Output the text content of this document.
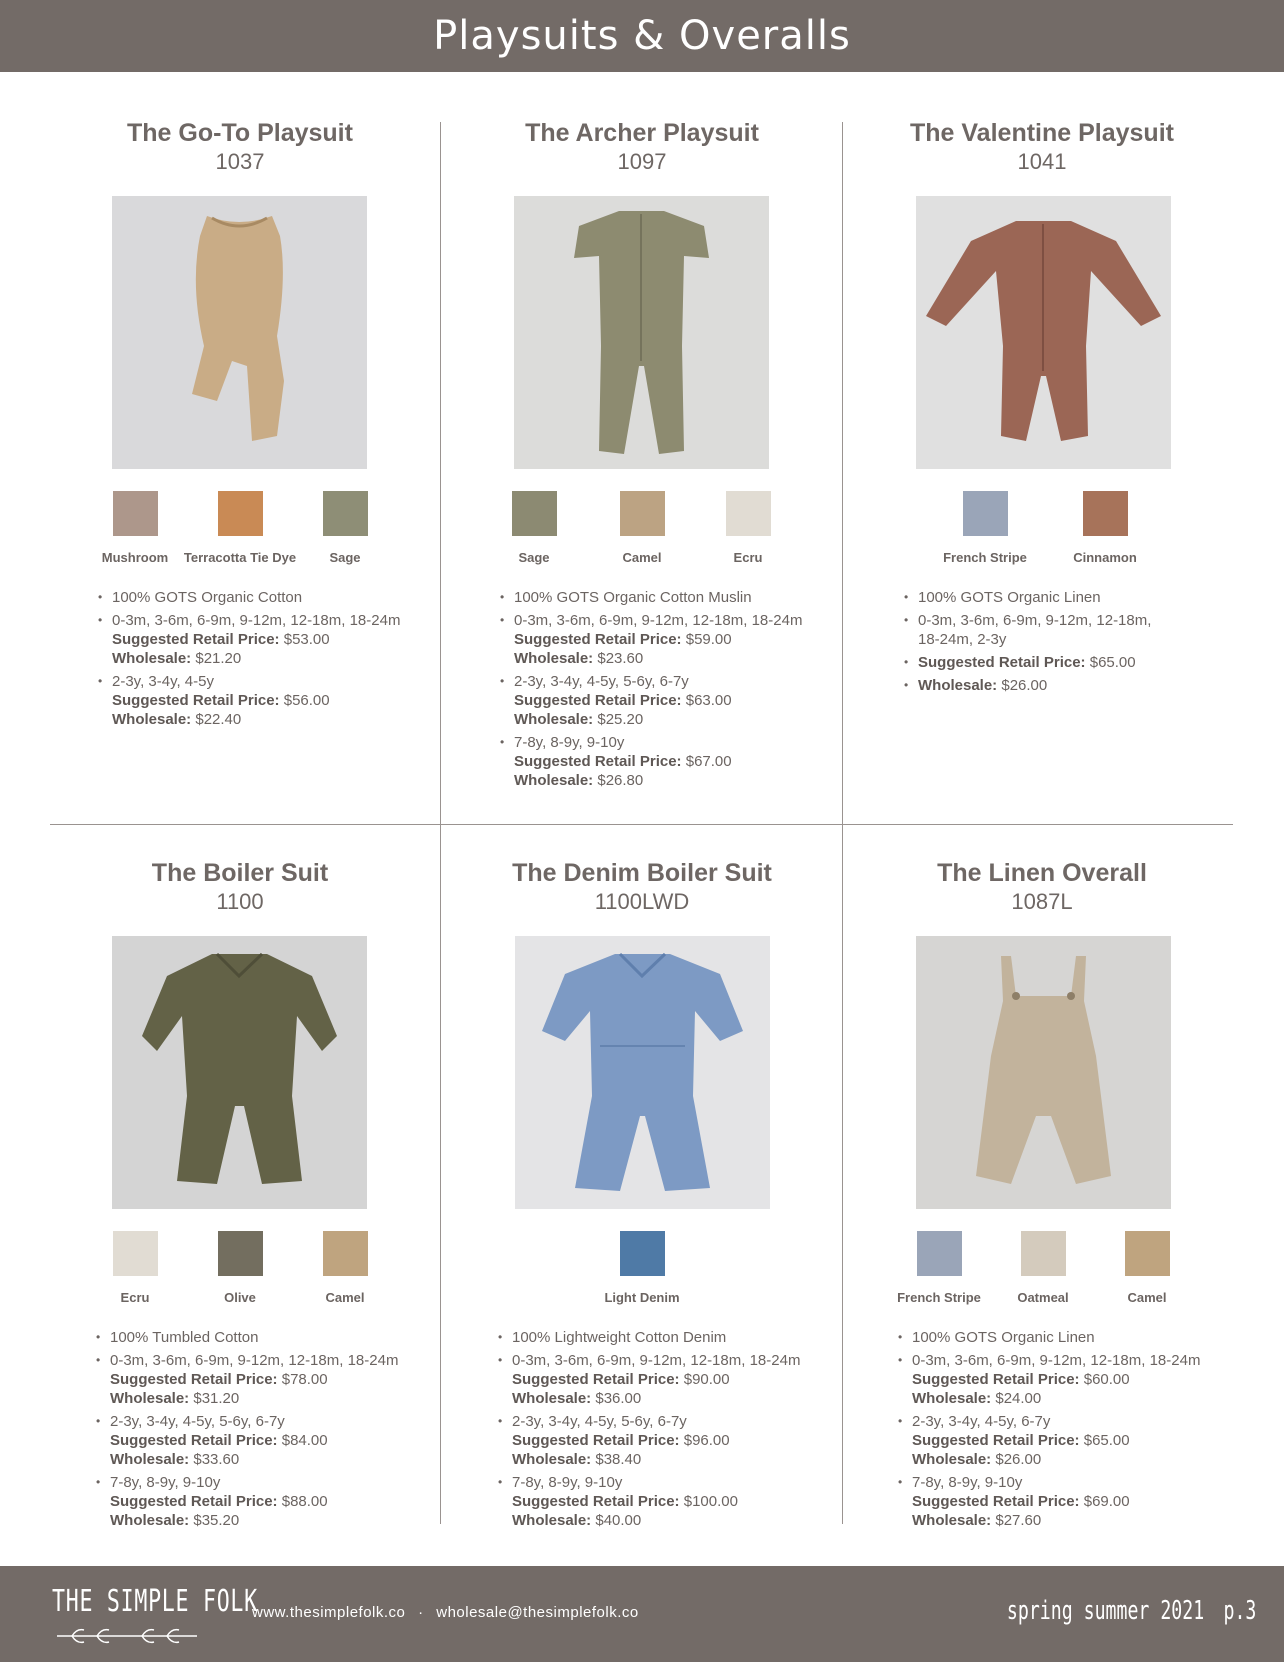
Playsuits & Overalls
The Go-To Playsuit
1037
Mushroom	Terracotta Tie Dye	Sage
• 100% GOTS Organic Cotton
• 0-3m, 3-6m, 6-9m, 9-12m, 12-18m, 18-24m
Suggested Retail Price: $53.00
Wholesale: $21.20
• 2-3y, 3-4y, 4-5y
Suggested Retail Price: $56.00
Wholesale: $22.40
The Archer Playsuit
1097
Sage	Camel	Ecru
• 100% GOTS Organic Cotton Muslin
• 0-3m, 3-6m, 6-9m, 9-12m, 12-18m, 18-24m
Suggested Retail Price: $59.00
Wholesale: $23.60
• 2-3y, 3-4y, 4-5y, 5-6y, 6-7y
Suggested Retail Price: $63.00
Wholesale: $25.20
• 7-8y, 8-9y, 9-10y
Suggested Retail Price: $67.00
Wholesale: $26.80
The Valentine Playsuit
1041
French Stripe	Cinnamon
• 100% GOTS Organic Linen
• 0-3m, 3-6m, 6-9m, 9-12m, 12-18m,
18-24m, 2-3y
• Suggested Retail Price: $65.00
• Wholesale: $26.00
The Boiler Suit
1100
Ecru	Olive	Camel
• 100% Tumbled Cotton
• 0-3m, 3-6m, 6-9m, 9-12m, 12-18m, 18-24m
Suggested Retail Price: $78.00
Wholesale: $31.20
• 2-3y, 3-4y, 4-5y, 5-6y, 6-7y
Suggested Retail Price: $84.00
Wholesale: $33.60
• 7-8y, 8-9y, 9-10y
Suggested Retail Price: $88.00
Wholesale: $35.20
The Denim Boiler Suit
1100LWD
Light Denim
• 100% Lightweight Cotton Denim
• 0-3m, 3-6m, 6-9m, 9-12m, 12-18m, 18-24m
Suggested Retail Price: $90.00
Wholesale: $36.00
• 2-3y, 3-4y, 4-5y, 5-6y, 6-7y
Suggested Retail Price: $96.00
Wholesale: $38.40
• 7-8y, 8-9y, 9-10y
Suggested Retail Price: $100.00
Wholesale: $40.00
The Linen Overall
1087L
French Stripe	Oatmeal	Camel
• 100% GOTS Organic Linen
• 0-3m, 3-6m, 6-9m, 9-12m, 12-18m, 18-24m
Suggested Retail Price: $60.00
Wholesale: $24.00
• 2-3y, 3-4y, 4-5y, 6-7y
Suggested Retail Price: $65.00
Wholesale: $26.00
• 7-8y, 8-9y, 9-10y
Suggested Retail Price: $69.00
Wholesale: $27.60
THE SIMPLE FOLK
www.thesimplefolk.co · wholesale@thesimplefolk.co	spring summer 2021 p.3
